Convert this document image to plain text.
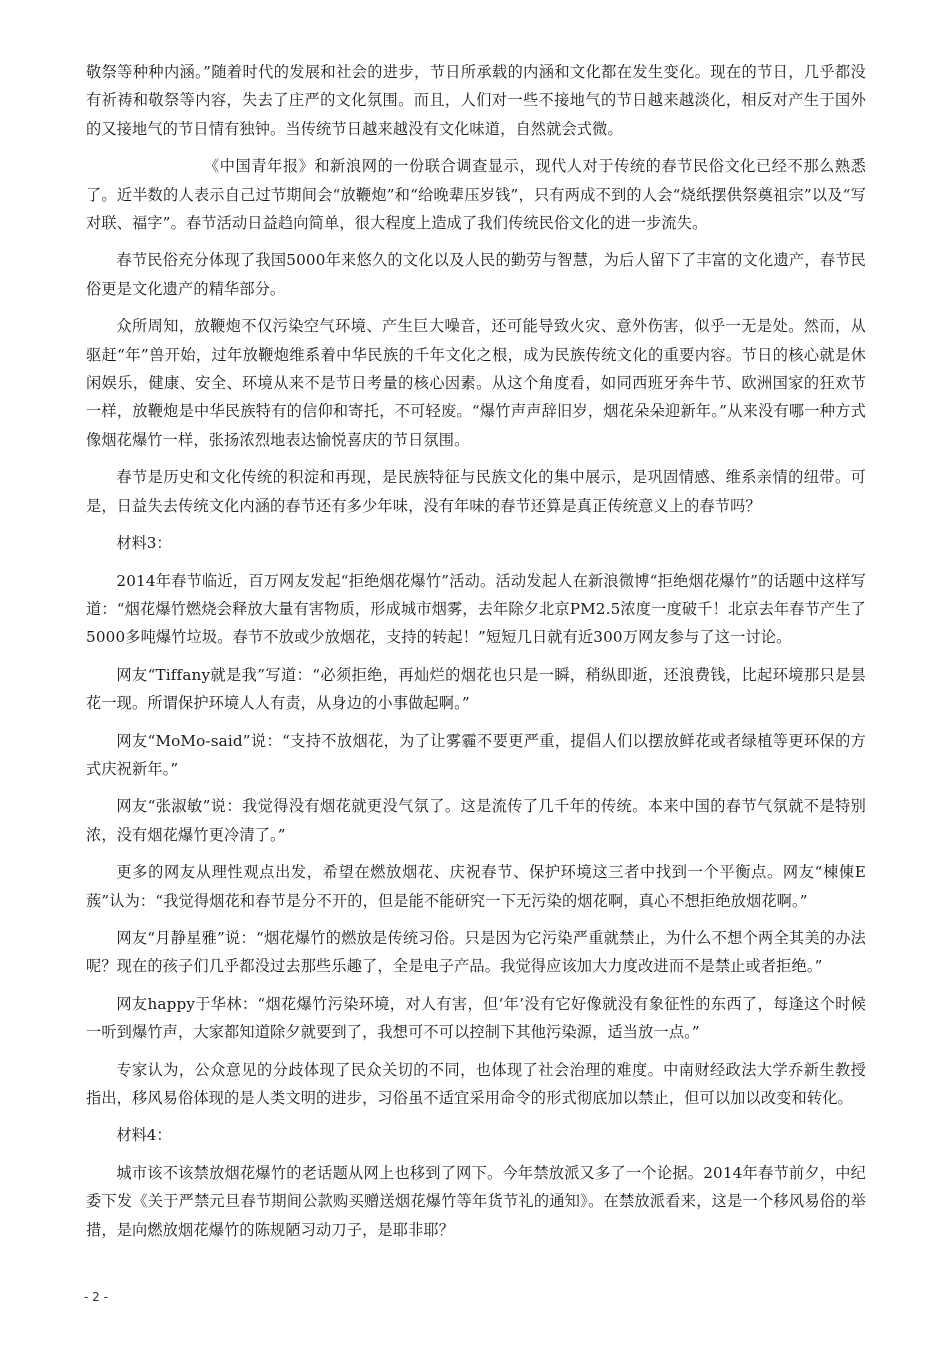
敬祭等种种内涵。”随着时代的发展和社会的进步，节日所承载的内涵和文化都在发生变化。现在的节日，几乎都没有祈祷和敬祭等内容，失去了庄严的文化氛围。而且，人们对一些不接地气的节日越来越淡化，相反对产生于国外的又接地气的节日情有独钟。当传统节日越来越没有文化味道，自然就会式微。

《中国青年报》和新浪网的一份联合调查显示，现代人对于传统的春节民俗文化已经不那么熟悉了。近半数的人表示自己过节期间会“放鞭炮”和“给晚辈压岁钱”，只有两成不到的人会“烧纸摆供祭奠祖宗”以及“写对联、福字”。春节活动日益趋向简单，很大程度上造成了我们传统民俗文化的进一步流失。

春节民俗充分体现了我国5000年来悠久的文化以及人民的勤劳与智慧，为后人留下了丰富的文化遗产，春节民俗更是文化遗产的精华部分。

众所周知，放鞭炮不仅污染空气环境、产生巨大噪音，还可能导致火灾、意外伤害，似乎一无是处。然而，从驱赶“年”兽开始，过年放鞭炮维系着中华民族的千年文化之根，成为民族传统文化的重要内容。节日的核心就是休闲娱乐，健康、安全、环境从来不是节日考量的核心因素。从这个角度看，如同西班牙奔牛节、欧洲国家的狂欢节一样，放鞭炮是中华民族特有的信仰和寄托，不可轻废。“爆竹声声辞旧岁，烟花朵朵迎新年。”从来没有哪一种方式像烟花爆竹一样，张扬浓烈地表达愉悦喜庆的节日氛围。

春节是历史和文化传统的积淀和再现，是民族特征与民族文化的集中展示，是巩固情感、维系亲情的纽带。可是，日益失去传统文化内涵的春节还有多少年味，没有年味的春节还算是真正传统意义上的春节吗？

材料3：

2014年春节临近，百万网友发起“拒绝烟花爆竹”活动。活动发起人在新浪微博“拒绝烟花爆竹”的话题中这样写道：“烟花爆竹燃烧会释放大量有害物质，形成城市烟雾，去年除夕北京PM2.5浓度一度破千！北京去年春节产生了5000多吨爆竹垃圾。春节不放或少放烟花，支持的转起！”短短几日就有近300万网友参与了这一讨论。

网友“Tiffany就是我”写道：“必须拒绝，再灿烂的烟花也只是一瞬，稍纵即逝，还浪费钱，比起环境那只是昙花一现。所谓保护环境人人有责，从身边的小事做起啊。”

网友“MoMo-said”说：“支持不放烟花，为了让雾霾不要更严重，提倡人们以摆放鲜花或者绿植等更环保的方式庆祝新年。”

网友“张淑敏”说：我觉得没有烟花就更没气氛了。这是流传了几千年的传统。本来中国的春节气氛就不是特别浓，没有烟花爆竹更冷清了。”

更多的网友从理性观点出发，希望在燃放烟花、庆祝春节、保护环境这三者中找到一个平衡点。网友“棟倲E蔟”认为：“我觉得烟花和春节是分不开的，但是能不能研究一下无污染的烟花啊，真心不想拒绝放烟花啊。”

网友“月静星雅”说：“烟花爆竹的燃放是传统习俗。只是因为它污染严重就禁止，为什么不想个两全其美的办法呢？现在的孩子们几乎都没过去那些乐趣了，全是电子产品。我觉得应该加大力度改进而不是禁止或者拒绝。”

网友happy于华林：“烟花爆竹污染环境，对人有害，但‘年’没有它好像就没有象征性的东西了，每逢这个时候一听到爆竹声，大家都知道除夕就要到了，我想可不可以控制下其他污染源，适当放一点。”

专家认为，公众意见的分歧体现了民众关切的不同，也体现了社会治理的难度。中南财经政法大学乔新生教授指出，移风易俗体现的是人类文明的进步，习俗虽不适宜采用命令的形式彻底加以禁止，但可以加以改变和转化。

材料4：

城市该不该禁放烟花爆竹的老话题从网上也移到了网下。今年禁放派又多了一个论据。2014年春节前夕，中纪委下发《关于严禁元旦春节期间公款购买赠送烟花爆竹等年货节礼的通知》。在禁放派看来，这是一个移风易俗的举措，是向燃放烟花爆竹的陈规陋习动刀子，是耶非耶？

- 2 -
